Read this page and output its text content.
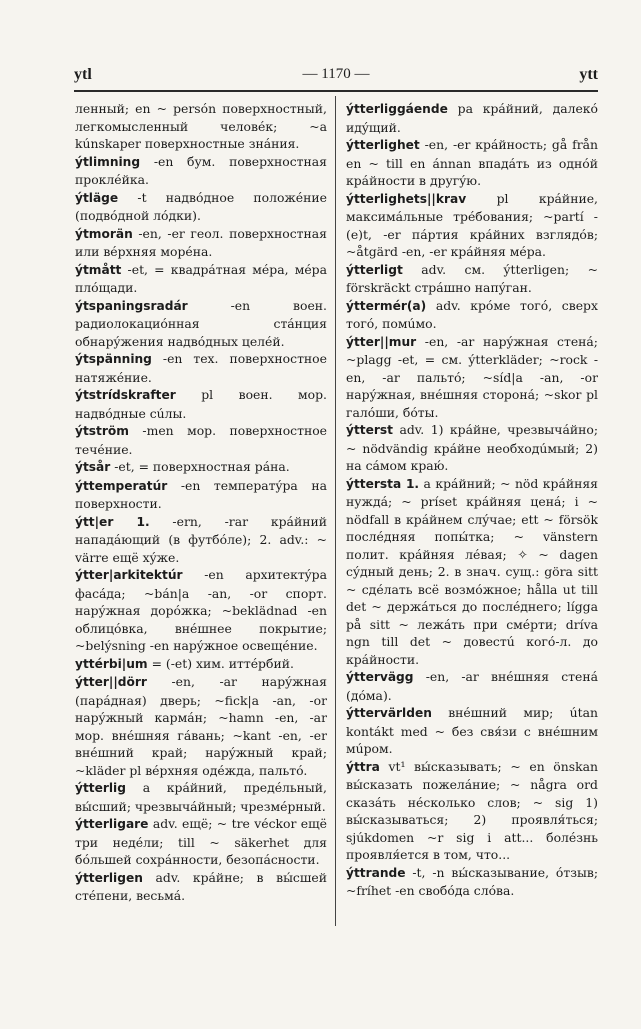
ytl	— 1170 —	ytt

ленный; en ~ persón поверхностный, легкомысленный человéк; ~a kúnskaper поверхностные знáния.

ýtlimning -en бум. поверхностная проклéйка.

ýtläge -t надвóдное положéние (подвóдной лóдки).

ýtmorän -en, -er геол. поверхностная или вéрхняя морéна.

ýtmått -et, = квадрáтная мéра, мéра плóщади.

ýtspaningsradár	-en воен. радиолокациóнная стáнция обнарýжения надвóдных целéй.

ýtspänning -en тех. поверхностное натяжéние.

ýtstrídskrafter pl воен. мор. надвóдные сúлы.

ýtström -men мор. поверхностное течéние.

ýtsår -et, = поверхностная рáна.

ýttemperatúr -en температýра на поверхности.

ýtt|er 1. -ern, -rar крáйний нападáющий (в футбóле); 2. adv.: ~ värre ещё хýже.

ýtter|arkitektúr -en архитектýра фасáда; ~bán|a -an, -or спорт. нарýжная дорóжка; ~beklädnad -en облицóвка, внéшнее покрытие; ~belýsning -en нарýжное освещéние.

yttérbi|um = (-et) хим. иттéрбий.

ýtter||dörr -en, -ar нарýжная (парáдная) дверь; ~fick|a -an, -or нарýжный кармáн; ~hamn -en, -ar мор. внéшняя гáвань; ~kant -en, -er внéшний край; нарýжный край; ~kläder pl вéрхняя одéжда, пальтó.

ýtterlig a крáйний, предéльный, вы́сший; чрезвычáйный; чрезмéрный.

ýtterligare adv. ещё; ~ tre véckor ещё три недéли; till ~ säkerhet для бóльшей сохрáнности, безопáсности.

ýtterligen adv. крáйне; в вы́сшей стéпени, весьмá.

ýtterliggáende pa крáйний, далекó идýщий.

ýtterlighet -en, -er крáйность; gå från en ~ till en ánnan впадáть из однóй крáйности в другýю.

ýtterlighets||krav pl крáйние, максимáльные трéбования; ~partí -(e)t, -er пáртия крáйних взглядóв; ~åtgärd -en, -er крáйняя мéра.

ýtterligt adv. см. ýtterligen; ~ förskräckt стрáшно напýган.

ýttermér(a) adv. крóме тогó, сверх тогó, помúмо.

ýtter||mur -en, -ar нарýжная стенá; ~plagg -et, = см. ýtterkläder; ~rock -en, -ar пальтó; ~síd|a -an, -or нарýжная, внéшняя сторонá; ~skor pl галóши, бóты.

ýtterst adv. 1) крáйне, чрезвычáйно; ~ nödvändig крáйне необходúмый; 2) на сáмом краю́.

ýttersta 1. a крáйний; ~ nöd крáйняя нуждá; ~ príset крáйняя ценá; i ~ nödfall в крáйнем слýчае; ett ~ försök послéдняя попы́тка; ~ vänstern полит. крáйняя лéвая; ✧ ~ dagen сýдный день; 2. в знач. сущ.: göra sitt ~ сдéлать всё возмóжное; hålla ut till det ~ держáться до послéднего; lígga på sitt ~ лежáть при смéрти; dríva ngn till det ~ довестú когó-л. до крáйности.

ýttervägg -en, -ar внéшняя стенá (дóма).

ýttervärlden внéшний мир; útan kontákt med ~ без свя́зи с внéшним мúром.

ýttra vt¹ вы́сказывать; ~ en önskan вы́сказать пожелáние; ~ några ord сказáть нéсколько слов; ~ sig 1) вы́сказываться; 2) проявля́ться; sjúkdomen ~r sig i att... болéзнь проявля́ется в том, что...

ýttrande -t, -n вы́сказывание, óтзыв; ~fríhet -en свобóда слóва.
